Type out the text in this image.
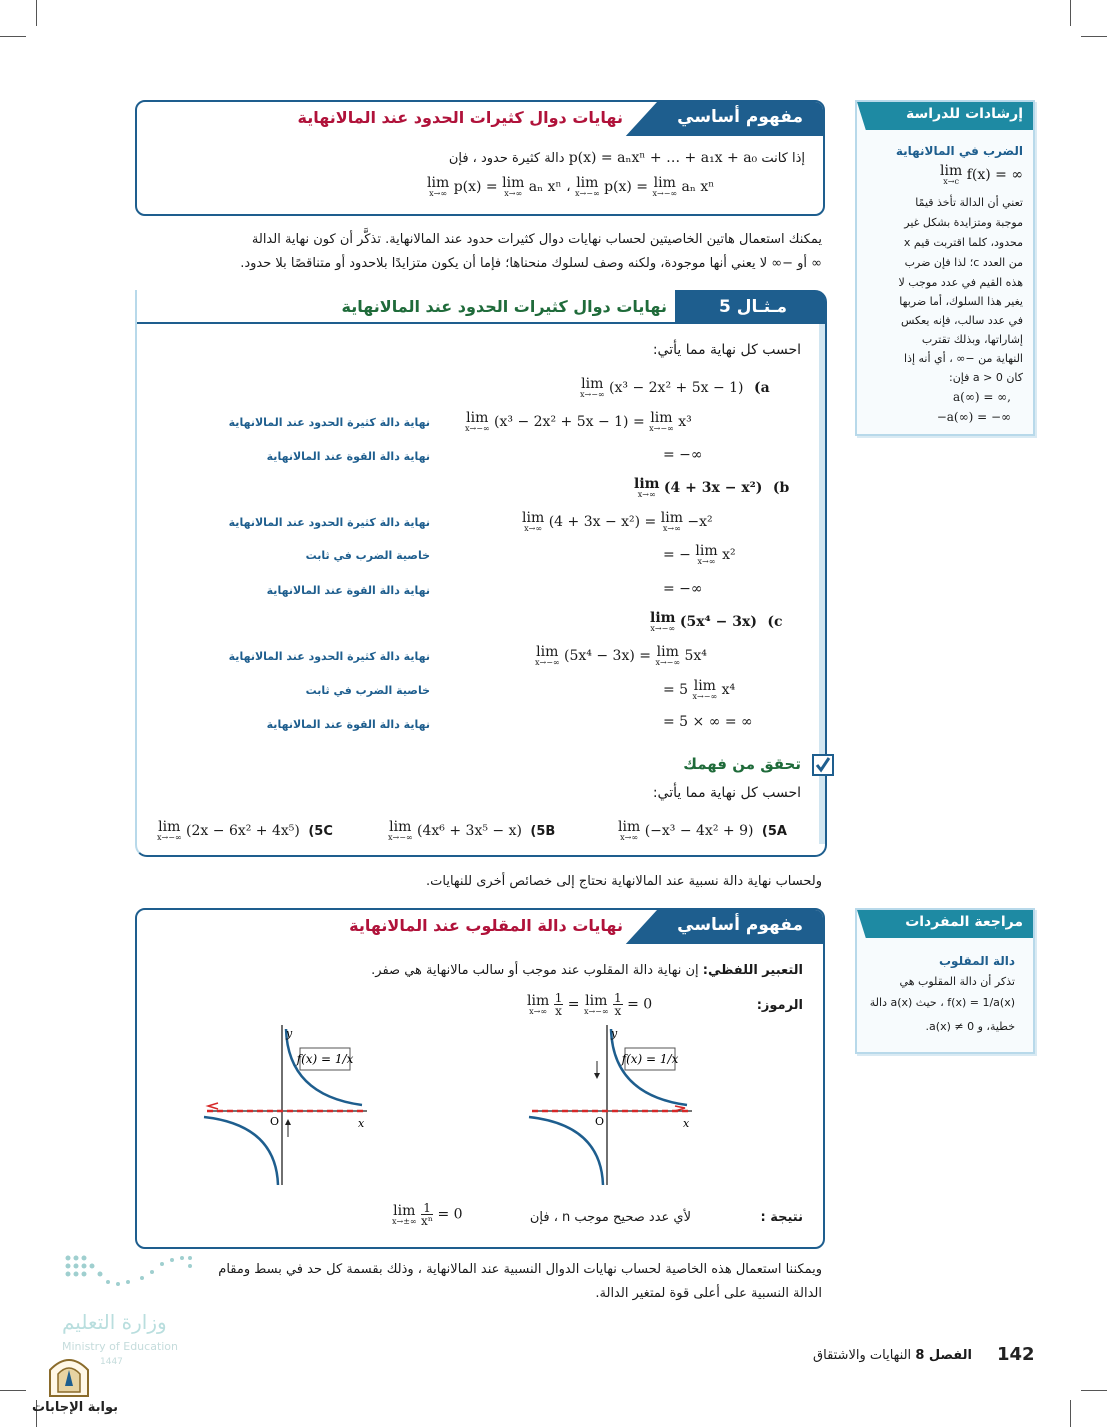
نهايات دوال كثيرات الحدود عند المالانهاية	مفهوم أساسي
إذا كانت p(x) = aₙxⁿ + … + a₁x + a₀ دالة كثيرة حدود ، فإن
lim
x→∞ p(x) = lim
x→∞ aₙ xⁿ ، lim
x→−∞ p(x) = lim
x→−∞ aₙ xⁿ
يمكنك استعمال هاتين الخاصيتين لحساب نهايات دوال كثيرات حدود عند المالانهاية. تذكَّر أن كون نهاية الدالة
∞ أو −∞ لا يعني أنها موجودة، ولكنه وصف لسلوك منحناها؛ فإما أن يكون متزايدًا بلاحدود أو متناقصًا بلا حدود.
مـثـال 5
نهايات دوال كثيرات الحدود عند المالانهاية
احسب كل نهاية مما يأتي:
lim
x→−∞ (x³ − 2x² + 5x − 1) (a
lim
x→−∞ (x³ − 2x² + 5x − 1) = lim
x→−∞ x³
نهاية دالة كثيرة الحدود عند المالانهاية
= −∞
نهاية دالة القوة عند المالانهاية
lim
x→∞ (4 + 3x − x²) (b
lim
x→∞ (4 + 3x − x²) = lim
x→∞ −x²
نهاية دالة كثيرة الحدود عند المالانهاية
= − lim
x→∞ x²
خاصية الضرب في ثابت
= −∞
نهاية دالة القوة عند المالانهاية
lim
x→−∞ (5x⁴ − 3x) (c
lim
x→−∞ (5x⁴ − 3x) = lim
x→−∞ 5x⁴
نهاية دالة كثيرة الحدود عند المالانهاية
= 5 lim
x→−∞ x⁴
خاصية الضرب في ثابت
= 5 × ∞ = ∞
نهاية دالة القوة عند المالانهاية
تحقق من فهمك
احسب كل نهاية مما يأتي:
lim
x→∞ (−x³ − 4x² + 9) (5A
lim
x→−∞ (4x⁶ + 3x⁵ − x) (5B
lim
x→−∞ (2x − 6x² + 4x⁵) (5C
ولحساب نهاية دالة نسبية عند المالانهاية نحتاج إلى خصائص أخرى للنهايات.
نهايات دالة المقلوب عند المالانهاية	مفهوم أساسي
التعبير اللفظي: إن نهاية دالة المقلوب عند موجب أو سالب مالانهاية هي صفر.
الرموز:
lim
x→∞
$\frac{1}{x} = \lim$
x→−∞
$\frac{1}{x} = 0$
f(x) = 1/x
y
x
O
f(x) = 1/x
y
x
O
نتيجة :
لأي عدد صحيح موجب n ، فإن
lim
x→±∞
$\frac{1}{\text{xⁿ}} = 0$
ويمكننا استعمال هذه الخاصية لحساب نهايات الدوال النسبية عند المالانهاية ، وذلك بقسمة كل حد في بسط ومقام
الدالة النسبية على أعلى قوة لمتغير الدالة.
إرشادات للدراسة
الضرب في المالانهاية
lim
x→c f(x) = ∞
تعني أن الدالة تأخذ قيمًا
موجبة ومتزايدة بشكل غير
محدود، كلما اقتربت قيم x
من العدد c؛ لذا فإن ضرب
هذه القيم في عدد موجب لا
يغير هذا السلوك، أما ضربها
في عدد سالب، فإنه يعكس
إشاراتها، وبذلك تقترب
النهاية من −∞ ، أي أنه إذا
كان a > 0 فإن:
a(∞) = ∞,
−a(∞) = −∞
مراجعة المفردات
دالة المقلوب
تذكر أن دالة المقلوب هي
f(x) = 1/a(x) ، حيث a(x) دالة
خطية، و a(x) ≠ 0.
142
الفصل 8 النهايات والاشتقاق
وزارة التعليم
Ministry of Education
1447
بوابة الإجابات
